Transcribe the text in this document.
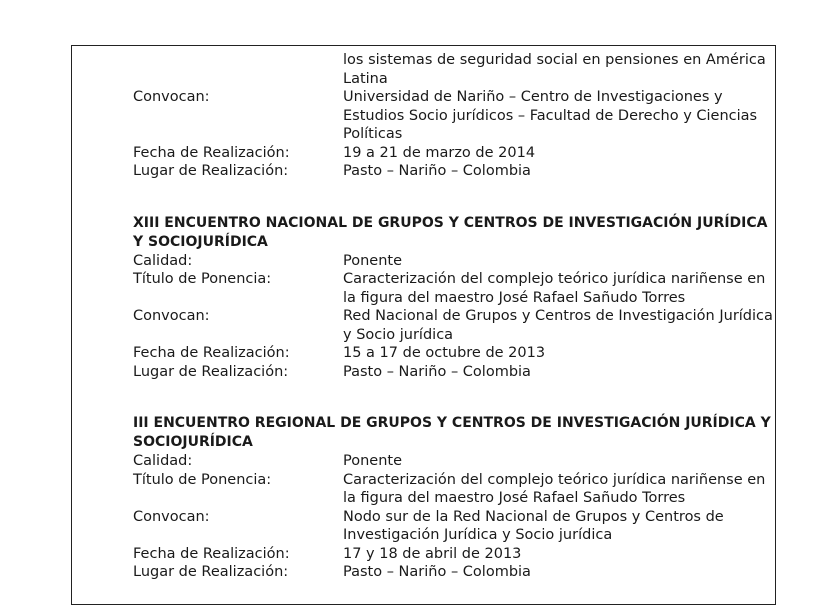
los sistemas de seguridad social en pensiones en América Latina
Convocan:	Universidad de Nariño – Centro de Investigaciones y Estudios Socio jurídicos – Facultad de Derecho y Ciencias Políticas
Fecha de Realización:	19 a 21 de marzo de 2014
Lugar de Realización:	Pasto – Nariño – Colombia
XIII ENCUENTRO NACIONAL DE GRUPOS Y CENTROS DE INVESTIGACIÓN JURÍDICA Y SOCIOJURÍDICA
Calidad:	Ponente
Título de Ponencia:	Caracterización del complejo teórico jurídica nariñense en la figura del maestro José Rafael Sañudo Torres
Convocan:	Red Nacional de Grupos y Centros de Investigación Jurídica y Socio jurídica
Fecha de Realización:	15 a 17 de octubre de 2013
Lugar de Realización:	Pasto – Nariño – Colombia
III ENCUENTRO REGIONAL DE GRUPOS Y CENTROS DE INVESTIGACIÓN JURÍDICA Y SOCIOJURÍDICA
Calidad:	Ponente
Título de Ponencia:	Caracterización del complejo teórico jurídica nariñense en la figura del maestro José Rafael Sañudo Torres
Convocan:	Nodo sur de la Red Nacional de Grupos y Centros de Investigación Jurídica y Socio jurídica
Fecha de Realización:	17 y 18 de abril de 2013
Lugar de Realización:	Pasto – Nariño – Colombia
